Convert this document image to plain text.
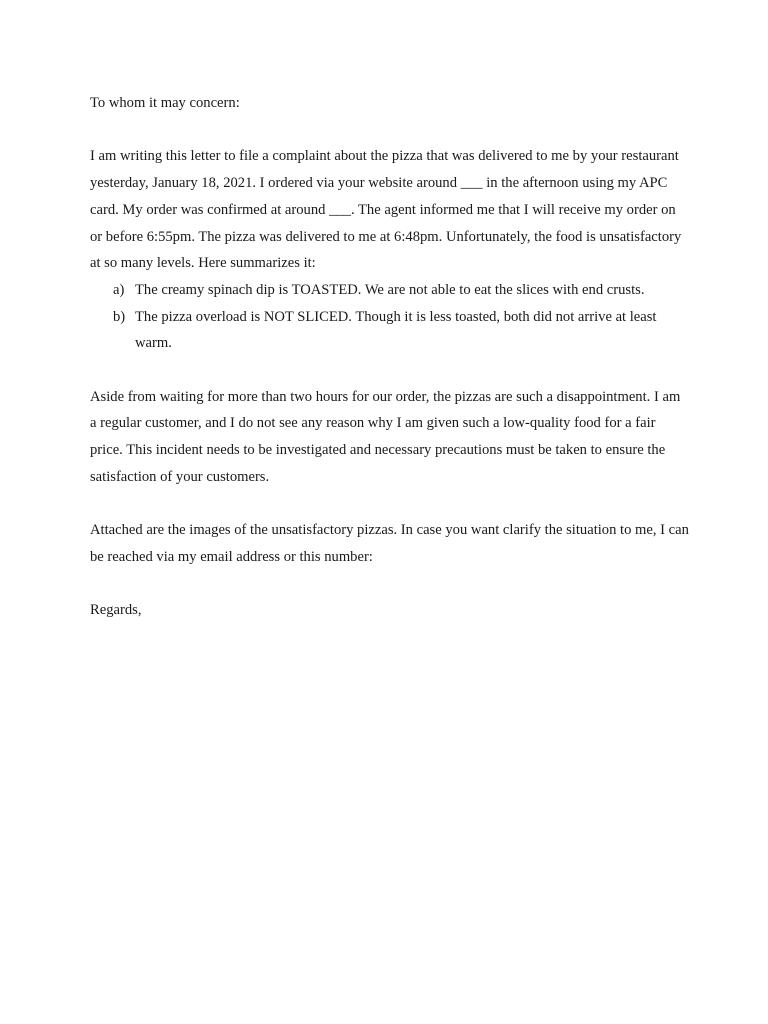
To whom it may concern:

I am writing this letter to file a complaint about the pizza that was delivered to me by your restaurant yesterday, January 18, 2021. I ordered via your website around ___ in the afternoon using my APC card. My order was confirmed at around ___. The agent informed me that I will receive my order on or before 6:55pm. The pizza was delivered to me at 6:48pm. Unfortunately, the food is unsatisfactory at so many levels. Here summarizes it:

a) The creamy spinach dip is TOASTED. We are not able to eat the slices with end crusts.
b) The pizza overload is NOT SLICED. Though it is less toasted, both did not arrive at least warm.

Aside from waiting for more than two hours for our order, the pizzas are such a disappointment. I am a regular customer, and I do not see any reason why I am given such a low-quality food for a fair price. This incident needs to be investigated and necessary precautions must be taken to ensure the satisfaction of your customers.

Attached are the images of the unsatisfactory pizzas. In case you want clarify the situation to me, I can be reached via my email address or this number:

Regards,
